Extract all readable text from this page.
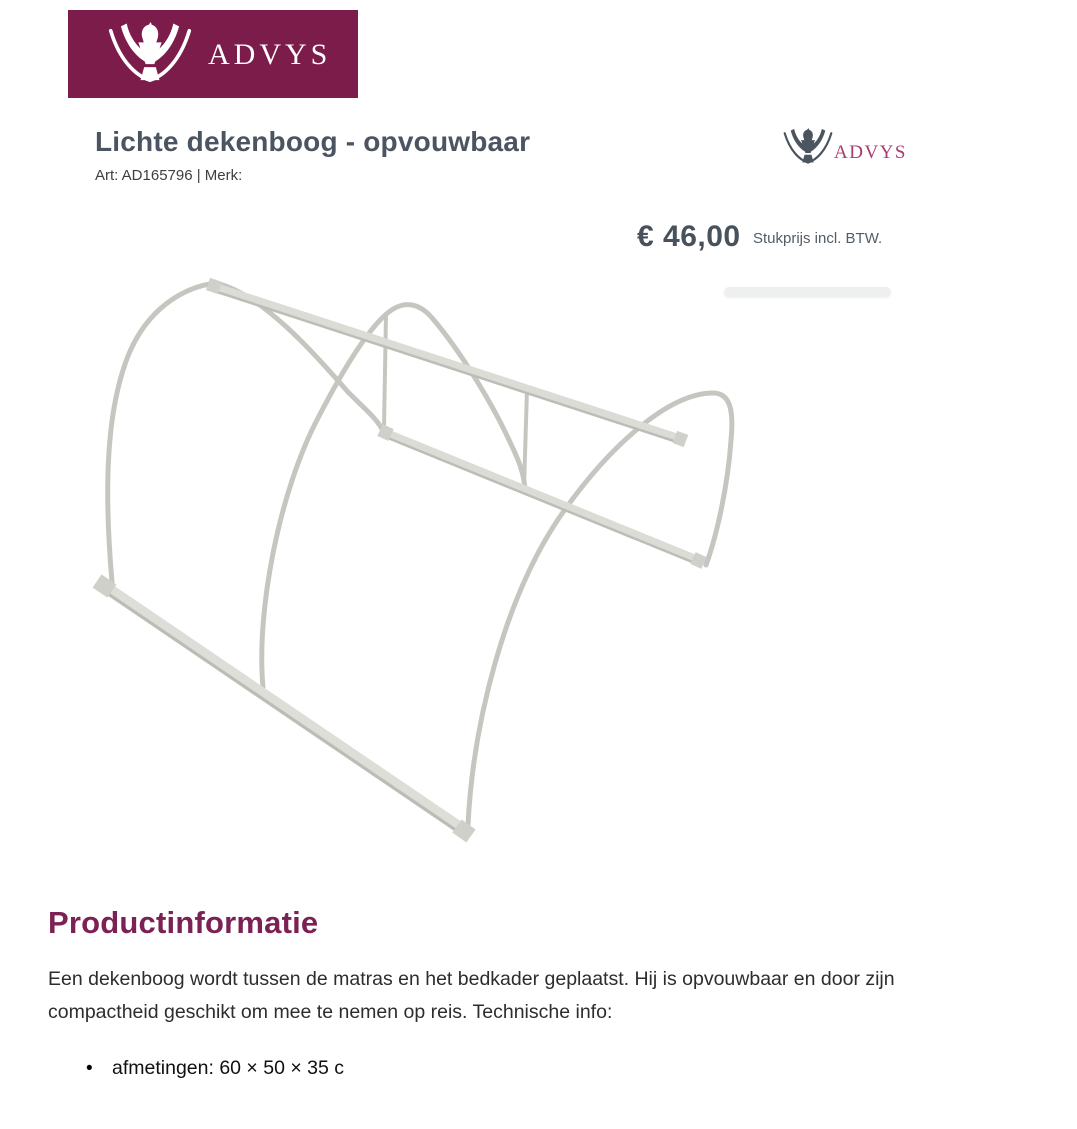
ADVYS
Lichte dekenboog - opvouwbaar
Art: AD165796 | Merk:
ADVYS
€ 46,00 Stukprijs incl. BTW.
Productinformatie

Een dekenboog wordt tussen de matras en het bedkader geplaatst. Hij is opvouwbaar en door zijn
compactheid geschikt om mee te nemen op reis. Technische info:

• afmetingen: 60 × 50 × 35 c
